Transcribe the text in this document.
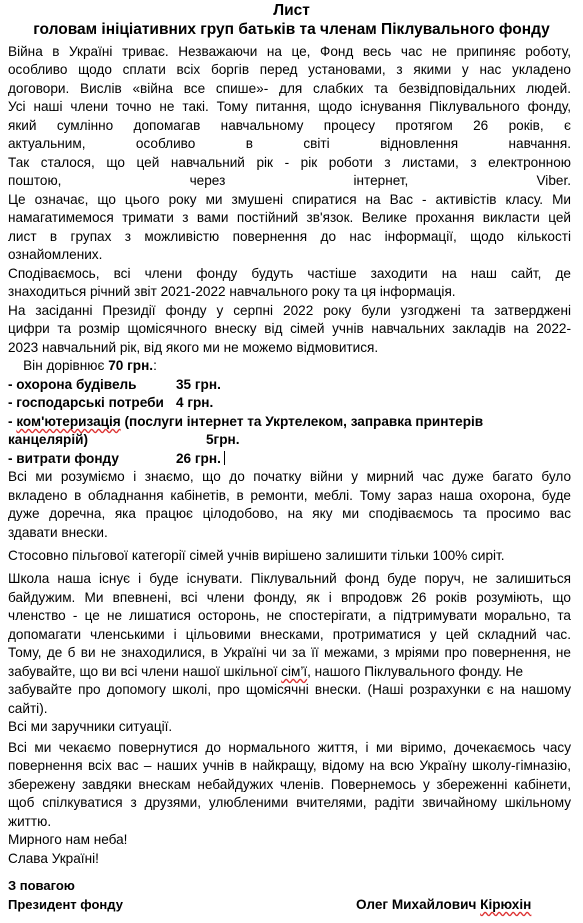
Лист
головам ініціативних груп батьків та членам Піклувального фонду
Війна в Україні триває. Незважаючи на це, Фонд весь час не припиняє роботу,
особливо щодо сплати всіх боргів перед установами, з якими у нас укладено
договори. Вислів «війна все спише»- для слабких та безвідповідальних людей.
Усі наші члени точно не такі. Тому питання, щодо існування Піклувального фонду,
який сумлінно допомагав навчальному процесу протягом 26 років, є
актуальним, особливо в світі відновлення навчання.
Так сталося, що цей навчальний рік - рік роботи з листами, з електронною
поштою, через інтернет, Viber.
Це означає, що цього року ми змушені спиратися на Вас - активістів класу. Ми
намагатимемося тримати з вами постійний зв'язок. Велике прохання викласти цей
лист в групах з можливістю повернення до нас інформації, щодо кількості
ознайомлених.
Сподіваємось, всі члени фонду будуть частіше заходити на наш сайт, де
знаходиться річний звіт 2021-2022 навчального року та ця інформація.
На засіданні Президії фонду у серпні 2022 року були узгоджені та затверджені
цифри та розмір щомісячного внеску від сімей учнів навчальних закладів на 2022-
2023 навчальний рік, від якого ми не можемо відмовитися.
Він дорівнює 70 грн.:
- охорона будівель	35 грн.
- господарські потреби 4 грн.
- ком'ютеризація (послуги інтернет та Укртелеком, заправка принтерів
канцелярій)	5грн.
- витрати фонду	26 грн.
Всі ми розуміємо і знаємо, що до початку війни у мирний час дуже багато було
вкладено в обладнання кабінетів, в ремонти, меблі. Тому зараз наша охорона, буде
дуже доречна, яка працює цілодобово, на яку ми сподіваємось та просимо вас
здавати внески.
Стосовно пільгової категорії сімей учнів вирішено залишити тільки 100% сиріт.
Школа наша існує і буде існувати. Піклувальний фонд буде поруч, не залишиться
байдужим. Ми впевнені, всі члени фонду, як і впродовж 26 років розуміють, що
членство - це не лишатися осторонь, не спостерігати, а підтримувати морально, та
допомагати членськими і цільовими внесками, протриматися у цей складний час.
Тому, де б ви не знаходилися, в Україні чи за її межами, з мріями про повернення, не
забувайте, що ви всі члени нашої шкільної сім’ї, нашого Піклувального фонду. Не
забувайте про допомогу школі, про щомісячні внески. (Наші розрахунки є на нашому
сайті).
Всі ми заручники ситуації.
Всі ми чекаємо повернутися до нормального життя, і ми віримо, дочекаємось часу
повернення всіх вас – наших учнів в найкращу, відому на всю Україну школу-гімназію,
збережену завдяки внескам небайдужих членів. Повернемось у збереженні кабінети,
щоб спілкуватися з друзями, улюбленими вчителями, радіти звичайному шкільному
життю.
Мирного нам неба!
Слава Україні!
З повагою
Президент фонду	Олег Михайлович Кірюхін
